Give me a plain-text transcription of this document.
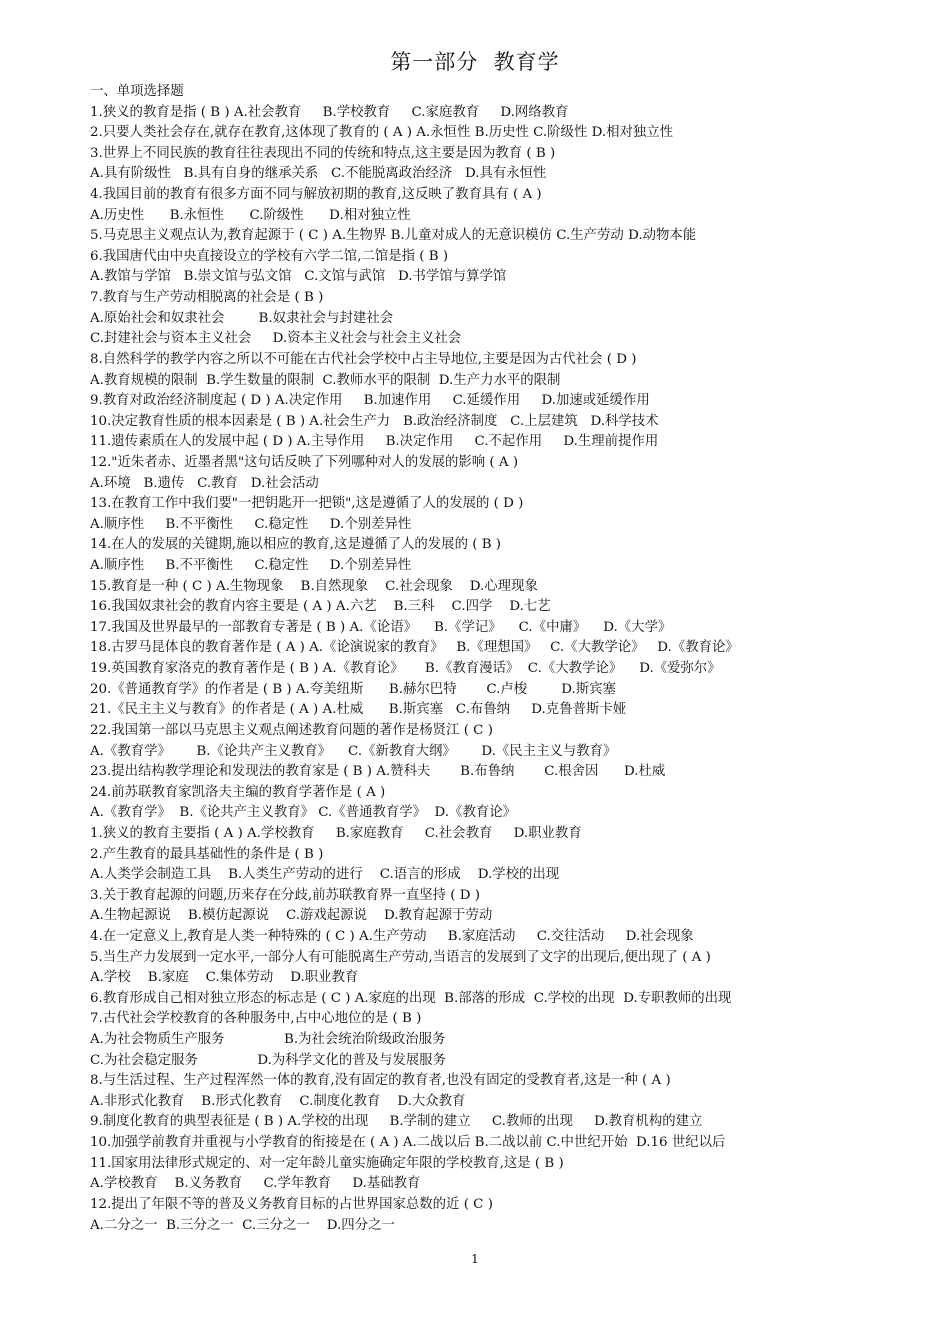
第一部分  教育学
一、单项选择题
1.狭义的教育是指 ( B ) A.社会教育     B.学校教育     C.家庭教育     D.网络教育
2.只要人类社会存在,就存在教育,这体现了教育的 ( A ) A.永恒性 B.历史性 C.阶级性 D.相对独立性
3.世界上不同民族的教育往往表现出不同的传统和特点,这主要是因为教育 ( B )
A.具有阶级性   B.具有自身的继承关系   C.不能脱离政治经济   D.具有永恒性
4.我国目前的教育有很多方面不同与解放初期的教育,这反映了教育具有 ( A )
A.历史性      B.永恒性      C.阶级性      D.相对独立性
5.马克思主义观点认为,教育起源于 ( C ) A.生物界 B.儿童对成人的无意识模仿 C.生产劳动 D.动物本能
6.我国唐代由中央直接设立的学校有六学二馆,二馆是指 ( B )
A.教馆与学馆   B.崇文馆与弘文馆   C.文馆与武馆   D.书学馆与算学馆
7.教育与生产劳动相脱离的社会是 ( B )
A.原始社会和奴隶社会        B.奴隶社会与封建社会
C.封建社会与资本主义社会     D.资本主义社会与社会主义社会
8.自然科学的教学内容之所以不可能在古代社会学校中占主导地位,主要是因为古代社会 ( D )
A.教育规模的限制  B.学生数量的限制  C.教师水平的限制  D.生产力水平的限制
9.教育对政治经济制度起 ( D ) A.决定作用     B.加速作用     C.延缓作用     D.加速或延缓作用
10.决定教育性质的根本因素是 ( B ) A.社会生产力   B.政治经济制度   C.上层建筑   D.科学技术
11.遗传素质在人的发展中起 ( D ) A.主导作用     B.决定作用     C.不起作用     D.生理前提作用
12."近朱者赤、近墨者黑"这句话反映了下列哪种对人的发展的影响 ( A )
A.环境   B.遗传   C.教育   D.社会活动
13.在教育工作中我们要"一把钥匙开一把锁",这是遵循了人的发展的 ( D )
A.顺序性     B.不平衡性     C.稳定性     D.个别差异性
14.在人的发展的关键期,施以相应的教育,这是遵循了人的发展的 ( B )
A.顺序性     B.不平衡性     C.稳定性     D.个别差异性
15.教育是一种 ( C ) A.生物现象    B.自然现象    C.社会现象    D.心理现象
16.我国奴隶社会的教育内容主要是 ( A ) A.六艺    B.三科    C.四学    D.七艺
17.我国及世界最早的一部教育专著是 ( B ) A.《论语》    B.《学记》    C.《中庸》    D.《大学》
18.古罗马昆体良的教育著作是 ( A ) A.《论演说家的教育》   B.《理想国》   C.《大教学论》   D.《教育论》
19.英国教育家洛克的教育著作是 ( B ) A.《教育论》     B.《教育漫话》  C.《大教学论》    D.《爱弥尔》
20.《普通教育学》的作者是 ( B ) A.夸美纽斯      B.赫尔巴特       C.卢梭        D.斯宾塞
21.《民主主义与教育》的作者是 ( A ) A.杜威      B.斯宾塞   C.布鲁纳     D.克鲁普斯卡娅
22.我国第一部以马克思主义观点阐述教育问题的著作是杨贤江 ( C )
A.《教育学》      B.《论共产主义教育》    C.《新教育大纲》      D.《民主主义与教育》
23.提出结构教学理论和发现法的教育家是 ( B ) A.赞科夫       B.布鲁纳       C.根舍因      D.杜威
24.前苏联教育家凯洛夫主编的教育学著作是 ( A )
A.《教育学》  B.《论共产主义教育》 C.《普通教育学》  D.《教育论》
1.狭义的教育主要指 ( A ) A.学校教育     B.家庭教育     C.社会教育     D.职业教育
2.产生教育的最具基础性的条件是 ( B )
A.人类学会制造工具    B.人类生产劳动的进行    C.语言的形成    D.学校的出现
3.关于教育起源的问题,历来存在分歧,前苏联教育界一直坚持 ( D )
A.生物起源说    B.模仿起源说    C.游戏起源说    D.教育起源于劳动
4.在一定意义上,教育是人类一种特殊的 ( C ) A.生产劳动     B.家庭活动     C.交往活动     D.社会现象
5.当生产力发展到一定水平,一部分人有可能脱离生产劳动,当语言的发展到了文字的出现后,便出现了 ( A )
A.学校    B.家庭    C.集体劳动    D.职业教育
6.教育形成自己相对独立形态的标志是 ( C ) A.家庭的出现  B.部落的形成  C.学校的出现  D.专职教师的出现
7.古代社会学校教育的各种服务中,占中心地位的是 ( B )
A.为社会物质生产服务              B.为社会统治阶级政治服务
C.为社会稳定服务              D.为科学文化的普及与发展服务
8.与生活过程、生产过程浑然一体的教育,没有固定的教育者,也没有固定的受教育者,这是一种 ( A )
A.非形式化教育    B.形式化教育    C.制度化教育    D.大众教育
9.制度化教育的典型表征是 ( B ) A.学校的出现     B.学制的建立     C.教师的出现     D.教育机构的建立
10.加强学前教育并重视与小学教育的衔接是在 ( A ) A.二战以后 B.二战以前 C.中世纪开始  D.16 世纪以后
11.国家用法律形式规定的、对一定年龄儿童实施确定年限的学校教育,这是 ( B )
A.学校教育    B.义务教育     C.学年教育     D.基础教育
12.提出了年限不等的普及义务教育目标的占世界国家总数的近 ( C )
A.二分之一  B.三分之一  C.三分之一    D.四分之一
1
